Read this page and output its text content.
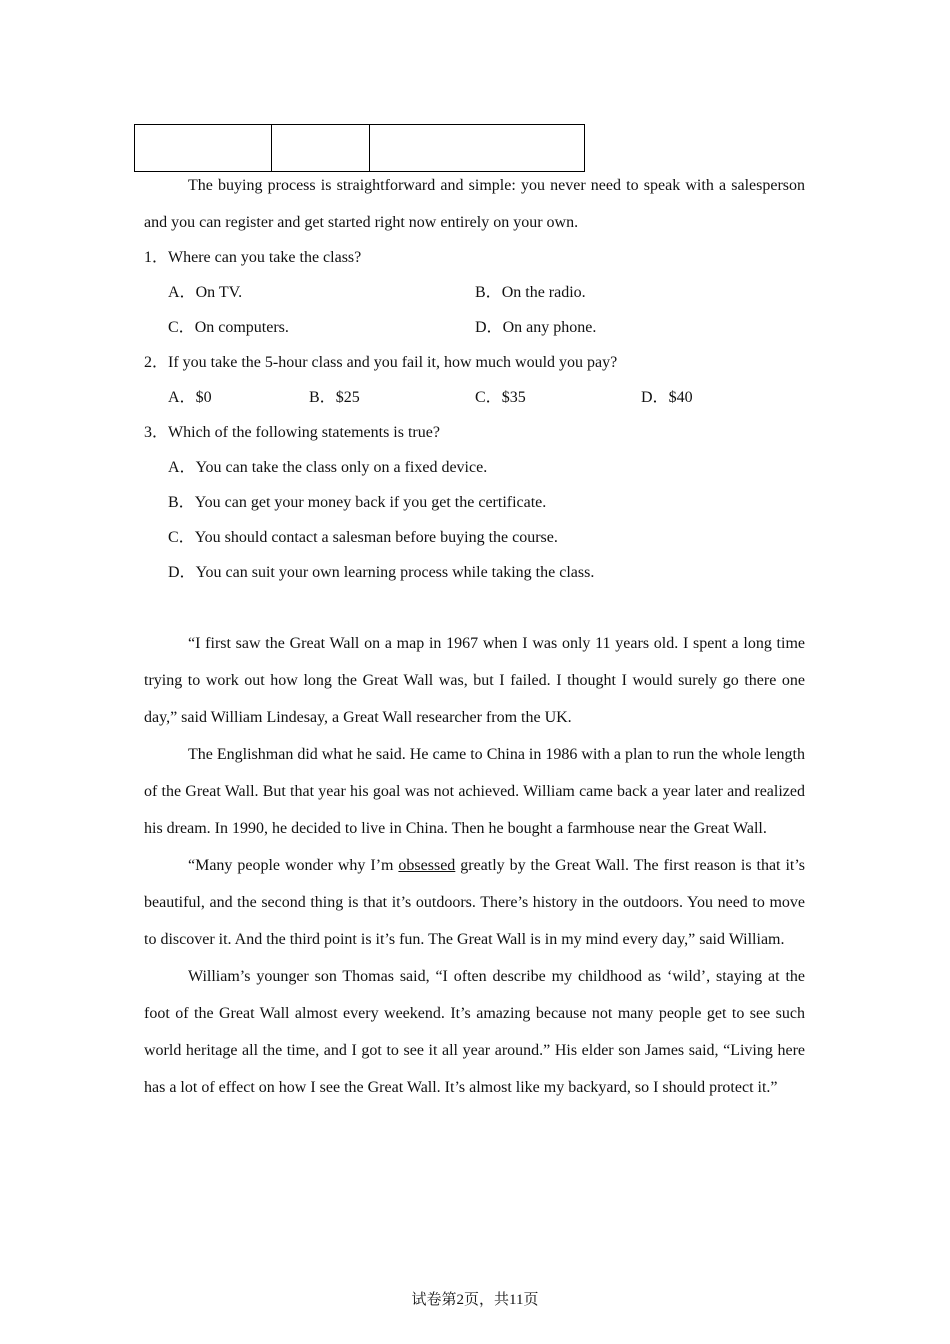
The buying process is straightforward and simple: you never need to speak with a salesperson and you can register and get started right now entirely on your own.

1．Where can you take the class?
A．On TV.	B．On the radio.
C．On computers.	D．On any phone.
2．If you take the 5-hour class and you fail it, how much would you pay?
A．$0	B．$25	C．$35	D．$40
3．Which of the following statements is true?
A．You can take the class only on a fixed device.
B．You can get your money back if you get the certificate.
C．You should contact a salesman before buying the course.
D．You can suit your own learning process while taking the class.

“I first saw the Great Wall on a map in 1967 when I was only 11 years old. I spent a long time trying to work out how long the Great Wall was, but I failed. I thought I would surely go there one day,” said William Lindesay, a Great Wall researcher from the UK.

The Englishman did what he said. He came to China in 1986 with a plan to run the whole length of the Great Wall. But that year his goal was not achieved. William came back a year later and realized his dream. In 1990, he decided to live in China. Then he bought a farmhouse near the Great Wall.

“Many people wonder why I’m obsessed greatly by the Great Wall. The first reason is that it’s beautiful, and the second thing is that it’s outdoors. There’s history in the outdoors. You need to move to discover it. And the third point is it’s fun. The Great Wall is in my mind every day,” said William.

William’s younger son Thomas said, “I often describe my childhood as ‘wild’, staying at the foot of the Great Wall almost every weekend. It’s amazing because not many people get to see such world heritage all the time, and I got to see it all year around.” His elder son James said, “Living here has a lot of effect on how I see the Great Wall. It’s almost like my backyard, so I should protect it.”

试卷第2页，共11页
